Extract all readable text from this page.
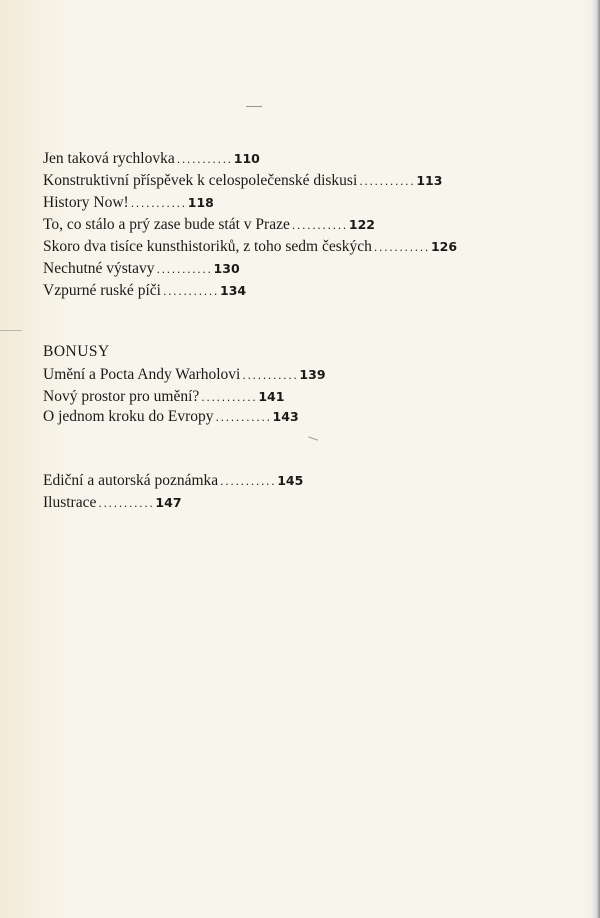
Jen taková rychlovka ...........110
Konstruktivní příspěvek k celospolečenské diskusi ...........113
History Now! ...........118
To, co stálo a prý zase bude stát v Praze ...........122
Skoro dva tisíce kunsthistoriků, z toho sedm českých ...........126
Nechutné výstavy ...........130
Vzpurné ruské píči ...........134
BONUSY
Umění a Pocta Andy Warholovi ...........139
Nový prostor pro umění? ...........141
O jednom kroku do Evropy ...........143
Ediční a autorská poznámka ...........145
Ilustrace ...........147
